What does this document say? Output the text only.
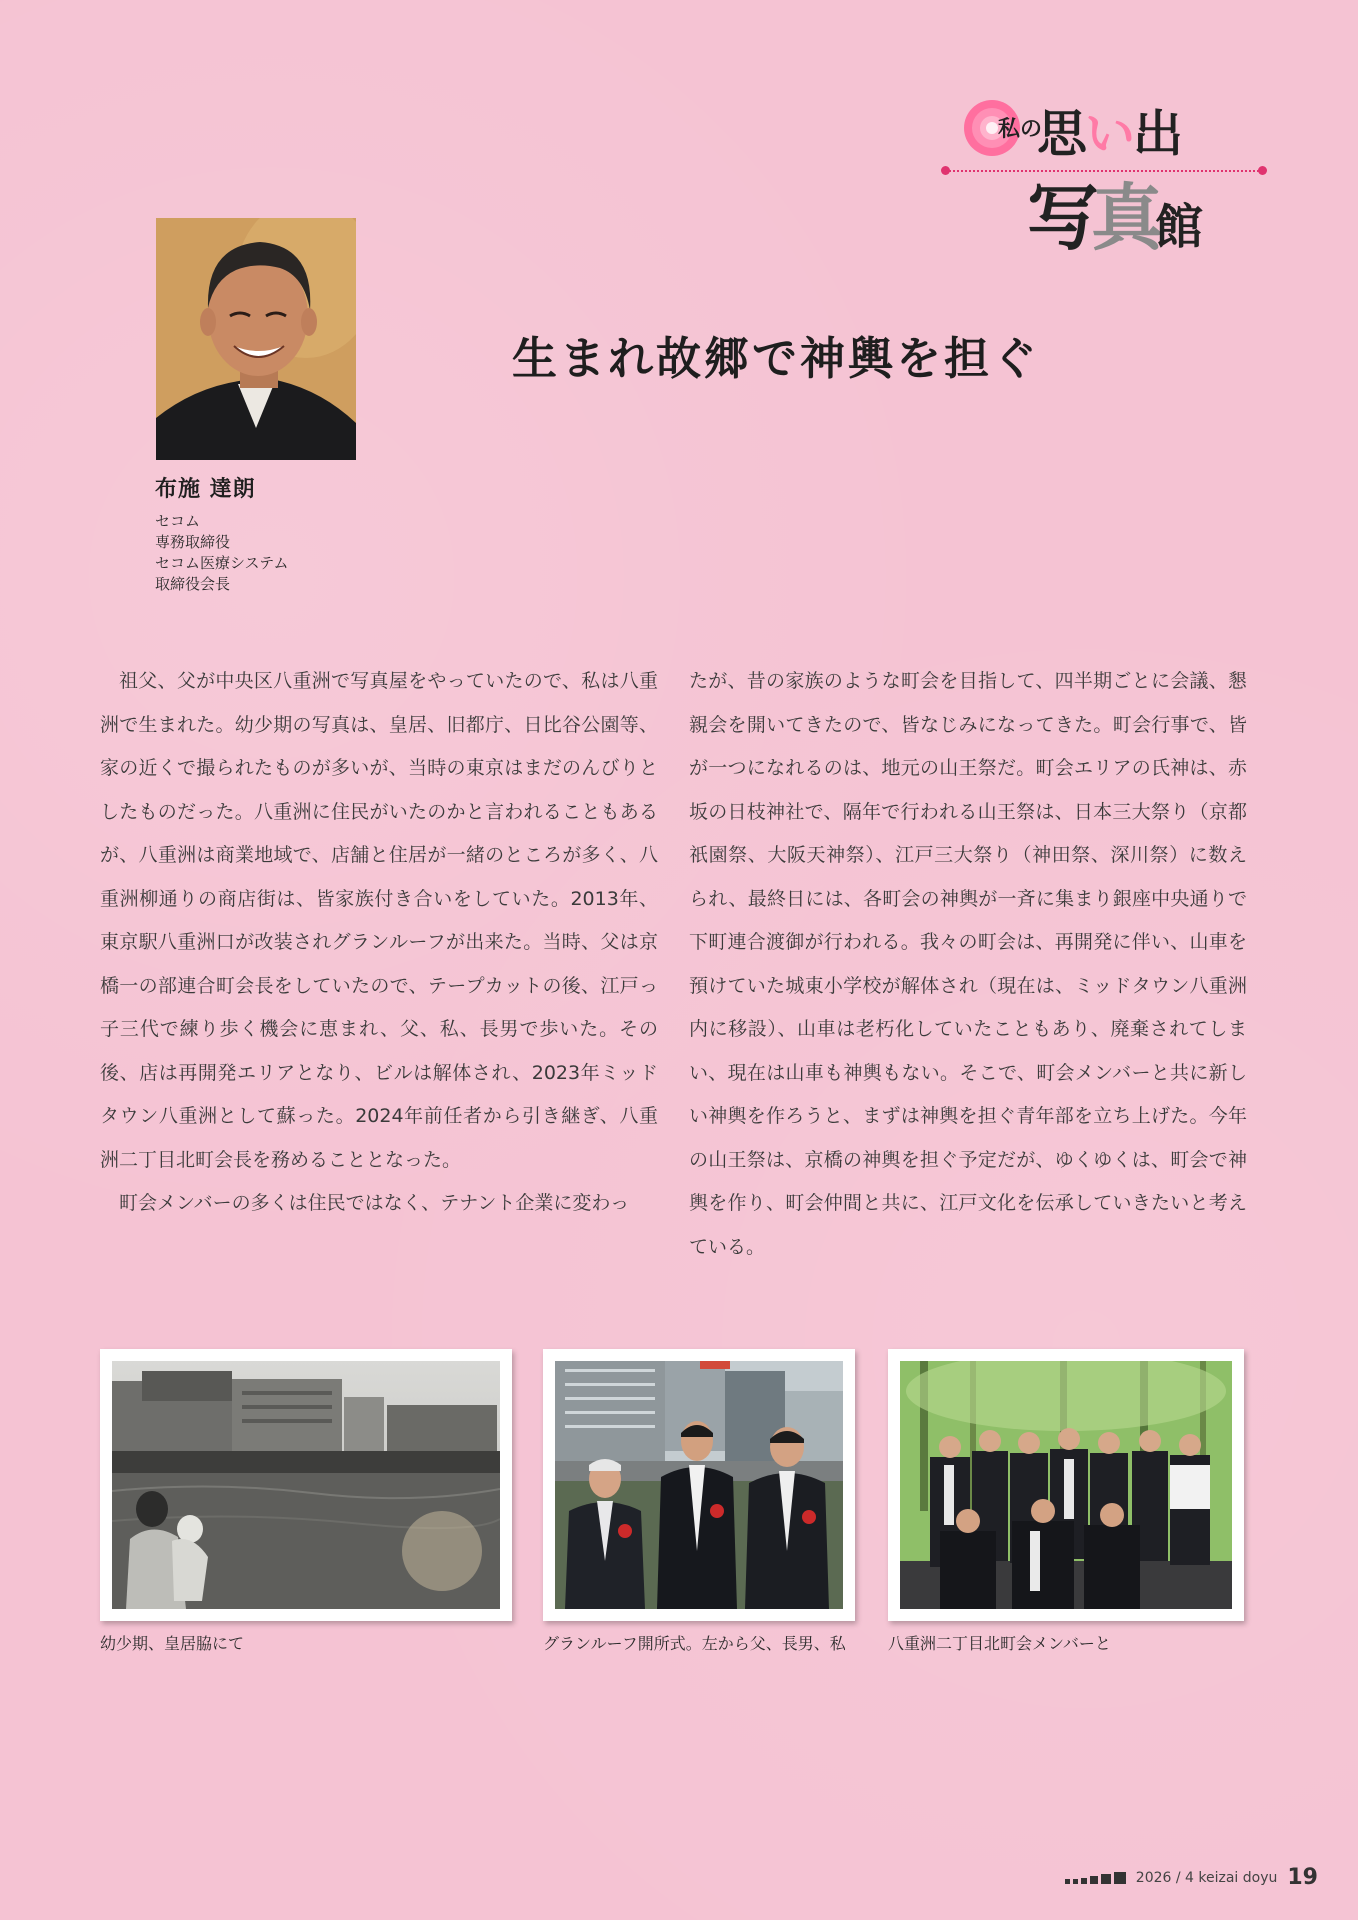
私の
思い出
写真館
布施 達朗
セコム
専務取締役
セコム医療システム
取締役会長
生まれ故郷で神輿を担ぐ

祖父、父が中央区八重洲で写真屋をやっていたので、私は八重洲で生まれた。幼少期の写真は、皇居、旧都庁、日比谷公園等、家の近くで撮られたものが多いが、当時の東京はまだのんびりとしたものだった。八重洲に住民がいたのかと言われることもあるが、八重洲は商業地域で、店舗と住居が一緒のところが多く、八重洲柳通りの商店街は、皆家族付き合いをしていた。2013年、東京駅八重洲口が改装されグランルーフが出来た。当時、父は京橋一の部連合町会長をしていたので、テープカットの後、江戸っ子三代で練り歩く機会に恵まれ、父、私、長男で歩いた。その後、店は再開発エリアとなり、ビルは解体され、2023年ミッドタウン八重洲として蘇った。2024年前任者から引き継ぎ、八重洲二丁目北町会長を務めることとなった。

町会メンバーの多くは住民ではなく、テナント企業に変わっ

たが、昔の家族のような町会を目指して、四半期ごとに会議、懇親会を開いてきたので、皆なじみになってきた。町会行事で、皆が一つになれるのは、地元の山王祭だ。町会エリアの氏神は、赤坂の日枝神社で、隔年で行われる山王祭は、日本三大祭り（京都祇園祭、大阪天神祭）、江戸三大祭り（神田祭、深川祭）に数えられ、最終日には、各町会の神輿が一斉に集まり銀座中央通りで下町連合渡御が行われる。我々の町会は、再開発に伴い、山車を預けていた城東小学校が解体され（現在は、ミッドタウン八重洲内に移設）、山車は老朽化していたこともあり、廃棄されてしまい、現在は山車も神輿もない。そこで、町会メンバーと共に新しい神輿を作ろうと、まずは神輿を担ぐ青年部を立ち上げた。今年の山王祭は、京橋の神輿を担ぐ予定だが、ゆくゆくは、町会で神輿を作り、町会仲間と共に、江戸文化を伝承していきたいと考えている。

幼少期、皇居脇にて	グランルーフ開所式。左から父、長男、私	八重洲二丁目北町会メンバーと
2026 / 4 keizai doyu 19
